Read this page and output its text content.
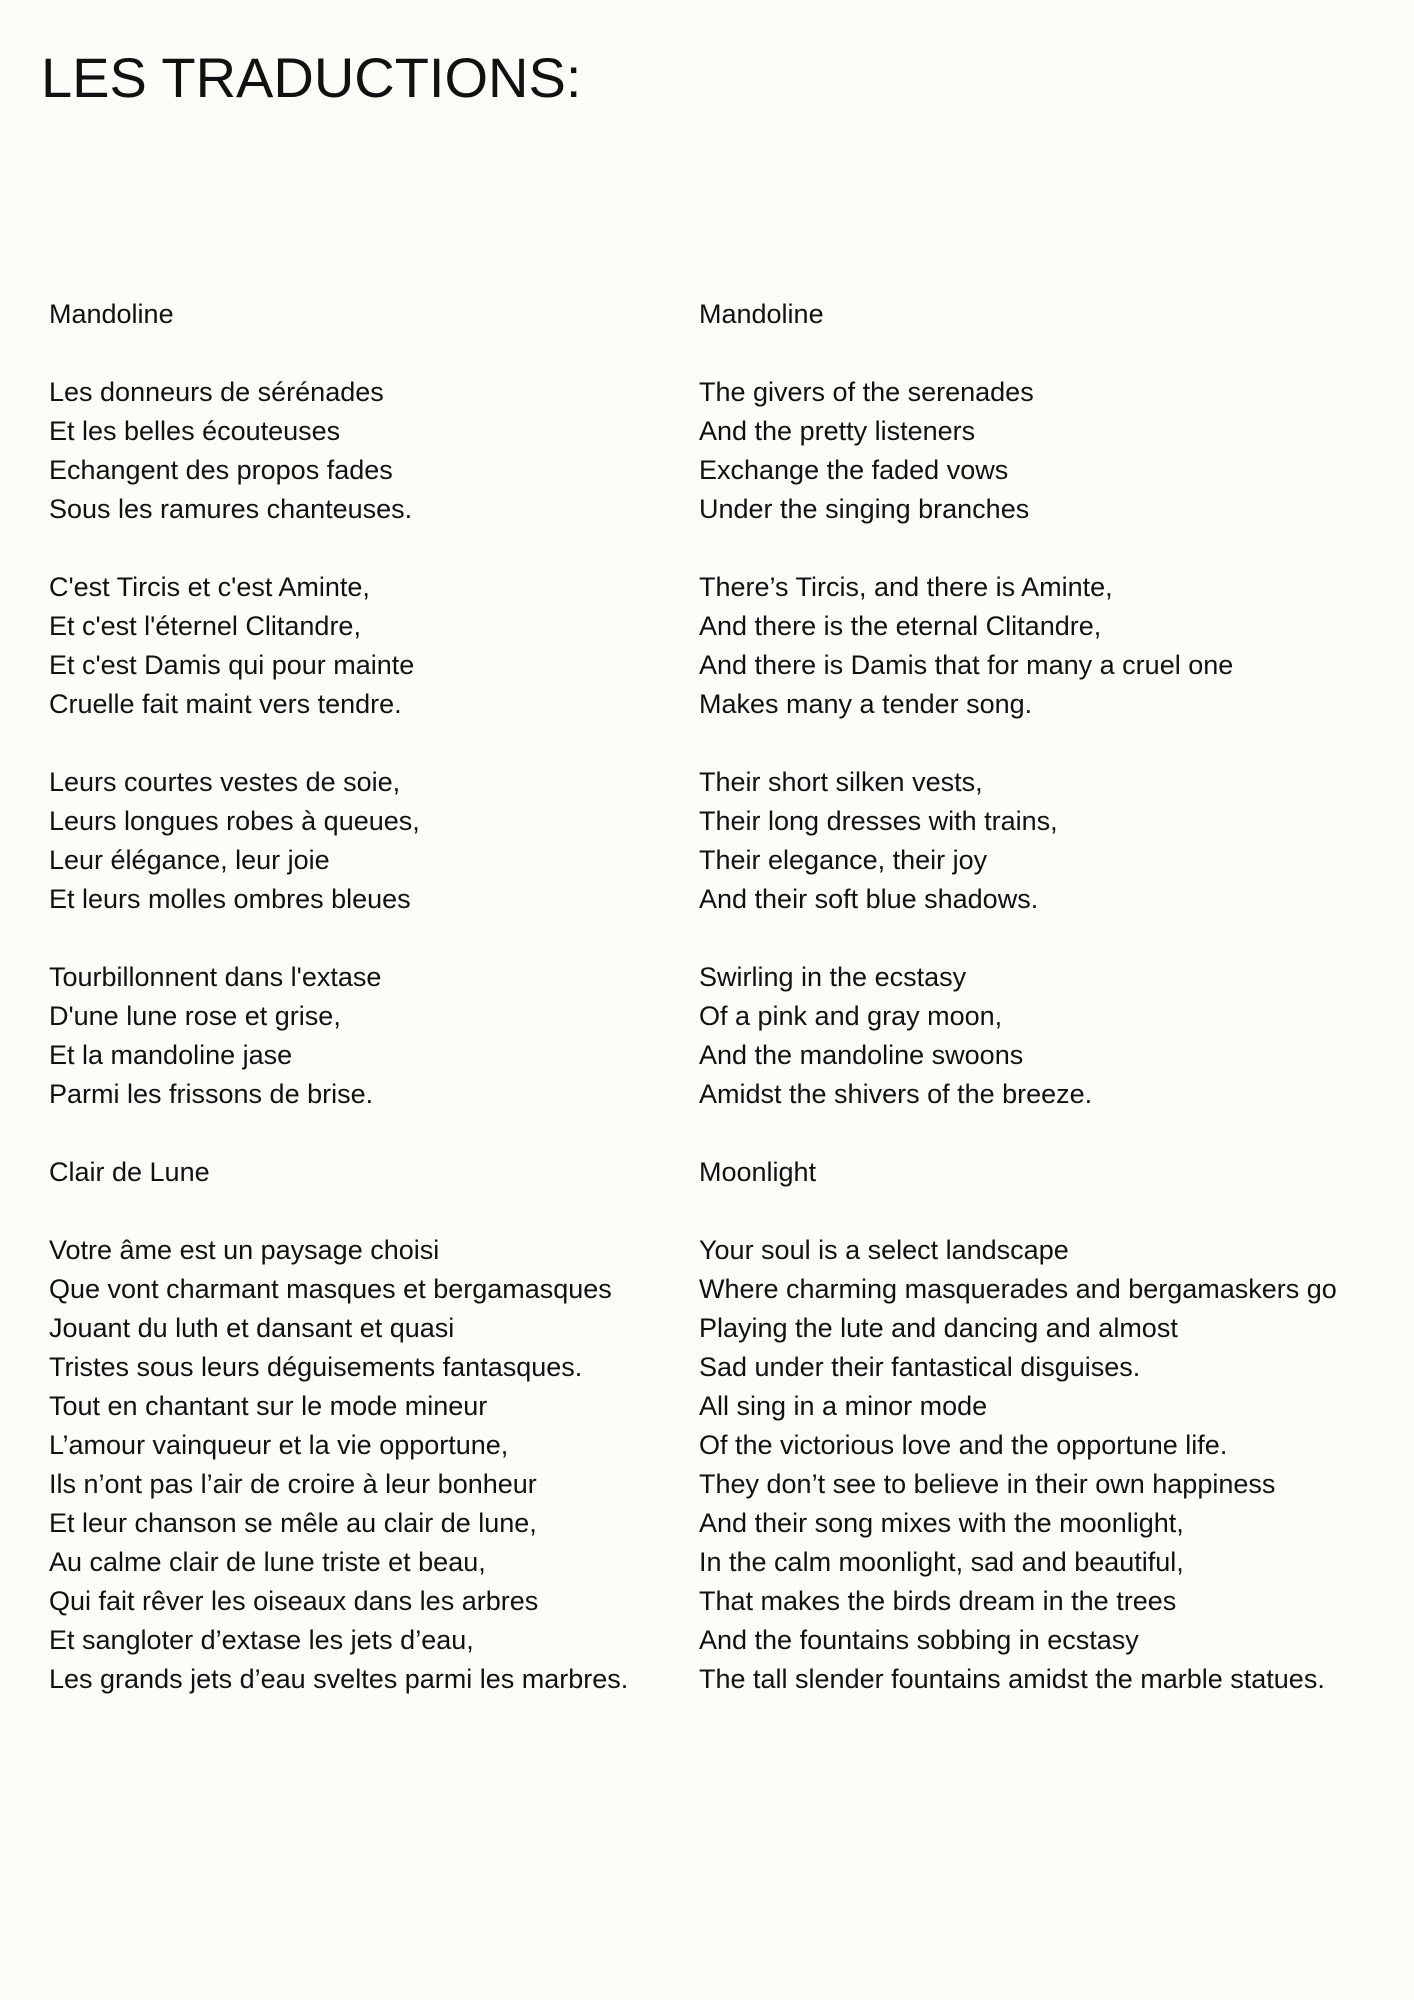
LES TRADUCTIONS:
Mandoline
Les donneurs de sérénades
Et les belles écouteuses
Echangent des propos fades
Sous les ramures chanteuses.
C'est Tircis et c'est Aminte,
Et c'est l'éternel Clitandre,
Et c'est Damis qui pour mainte
Cruelle fait maint vers tendre.
Leurs courtes vestes de soie,
Leurs longues robes à queues,
Leur élégance, leur joie
Et leurs molles ombres bleues
Tourbillonnent dans l'extase
D'une lune rose et grise,
Et la mandoline jase
Parmi les frissons de brise.
Clair de Lune
Votre âme est un paysage choisi
Que vont charmant masques et bergamasques
Jouant du luth et dansant et quasi
Tristes sous leurs déguisements fantasques.
Tout en chantant sur le mode mineur
L’amour vainqueur et la vie opportune,
Ils n’ont pas l’air de croire à leur bonheur
Et leur chanson se mêle au clair de lune,
Au calme clair de lune triste et beau,
Qui fait rêver les oiseaux dans les arbres
Et sangloter d’extase les jets d’eau,
Les grands jets d’eau sveltes parmi les marbres.
Mandoline
The givers of the serenades
And the pretty listeners
Exchange the faded vows
Under the singing branches
There’s Tircis, and there is Aminte,
And there is the eternal Clitandre,
And there is Damis that for many a cruel one
Makes many a tender song.
Their short silken vests,
Their long dresses with trains,
Their elegance, their joy
And their soft blue shadows.
Swirling in the ecstasy
Of a pink and gray moon,
And the mandoline swoons
Amidst the shivers of the breeze.
Moonlight
Your soul is a select landscape
Where charming masquerades and bergamaskers go
Playing the lute and dancing and almost
Sad under their fantastical disguises.
All sing in a minor mode
Of the victorious love and the opportune life.
They don’t see to believe in their own happiness
And their song mixes with the moonlight,
In the calm moonlight, sad and beautiful,
That makes the birds dream in the trees
And the fountains sobbing in ecstasy
The tall slender fountains amidst the marble statues.
